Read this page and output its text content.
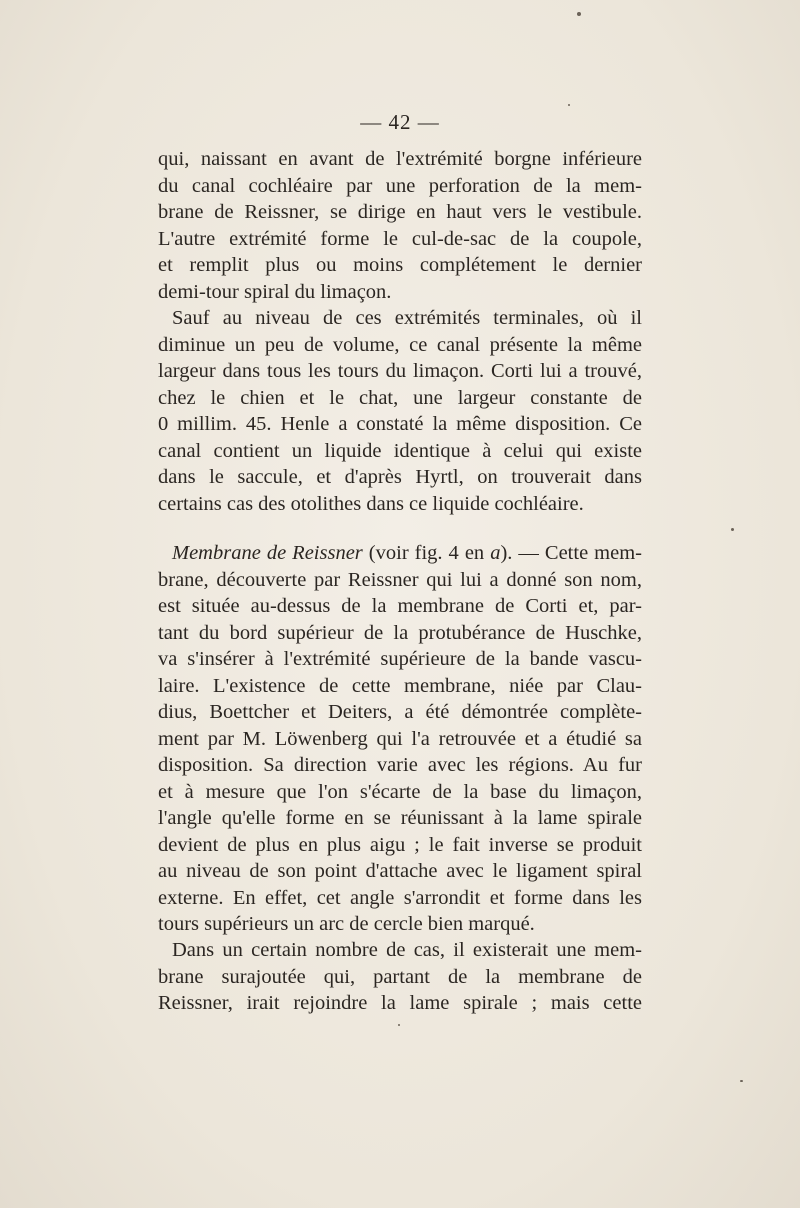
— 42 —
qui, naissant en avant de l'extrémité borgne inférieure
du canal cochléaire par une perforation de la mem-
brane de Reissner, se dirige en haut vers le vestibule.
L'autre extrémité forme le cul-de-sac de la coupole,
et remplit plus ou moins complétement le dernier
demi-tour spiral du limaçon.
Sauf au niveau de ces extrémités terminales, où il
diminue un peu de volume, ce canal présente la même
largeur dans tous les tours du limaçon. Corti lui a trouvé,
chez le chien et le chat, une largeur constante de
0 millim. 45. Henle a constaté la même disposition. Ce
canal contient un liquide identique à celui qui existe
dans le saccule, et d'après Hyrtl, on trouverait dans
certains cas des otolithes dans ce liquide cochléaire.
Membrane de Reissner (voir fig. 4 en a). — Cette mem-
brane, découverte par Reissner qui lui a donné son nom,
est située au-dessus de la membrane de Corti et, par-
tant du bord supérieur de la protubérance de Huschke,
va s'insérer à l'extrémité supérieure de la bande vascu-
laire. L'existence de cette membrane, niée par Clau-
dius, Boettcher et Deiters, a été démontrée complète-
ment par M. Löwenberg qui l'a retrouvée et a étudié sa
disposition. Sa direction varie avec les régions. Au fur
et à mesure que l'on s'écarte de la base du limaçon,
l'angle qu'elle forme en se réunissant à la lame spirale
devient de plus en plus aigu ; le fait inverse se produit
au niveau de son point d'attache avec le ligament spiral
externe. En effet, cet angle s'arrondit et forme dans les
tours supérieurs un arc de cercle bien marqué.
Dans un certain nombre de cas, il existerait une mem-
brane surajoutée qui, partant de la membrane de
Reissner, irait rejoindre la lame spirale ; mais cette
